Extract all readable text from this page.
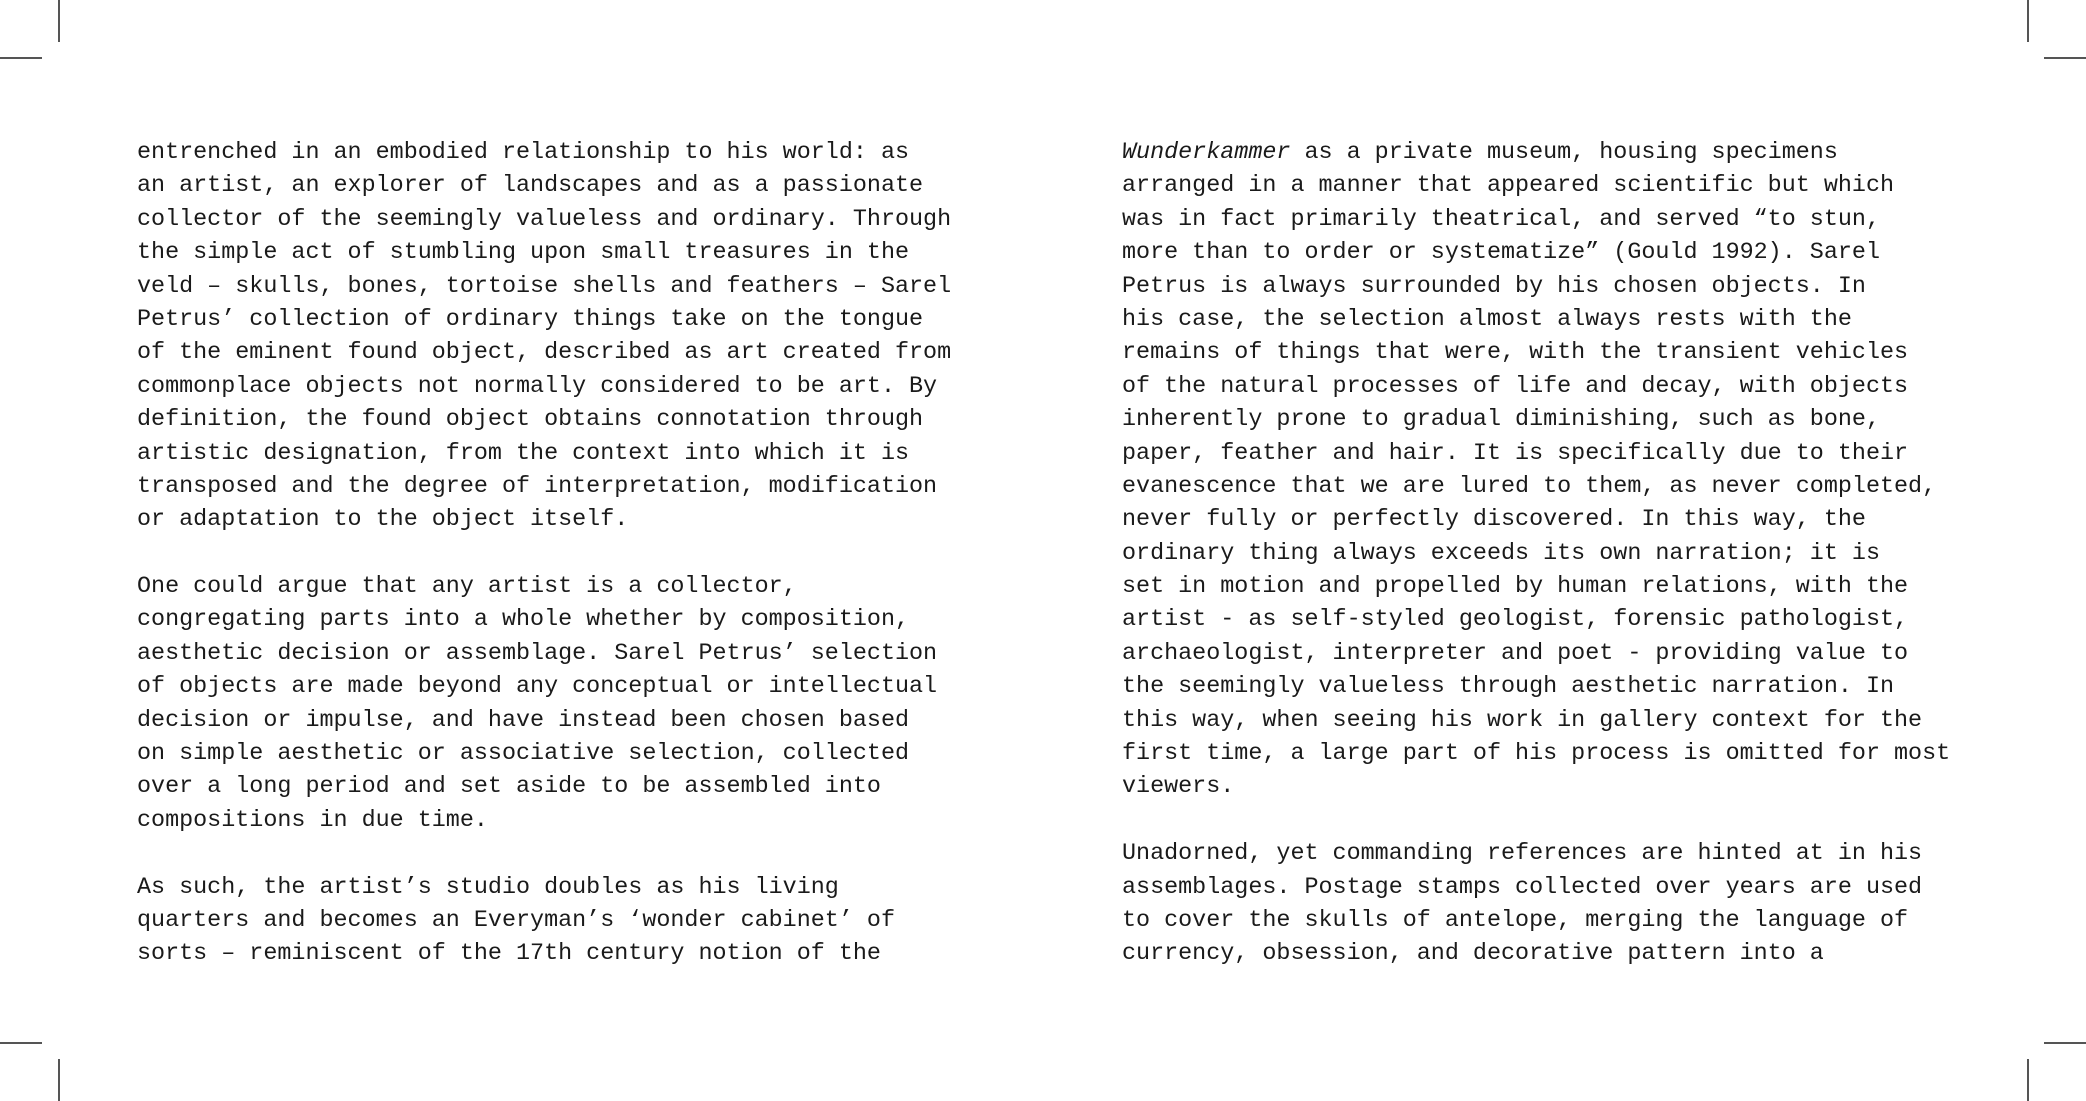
entrenched in an embodied relationship to his world: as
an artist, an explorer of landscapes and as a passionate
collector of the seemingly valueless and ordinary. Through
the simple act of stumbling upon small treasures in the
veld – skulls, bones, tortoise shells and feathers – Sarel
Petrus’ collection of ordinary things take on the tongue
of the eminent found object, described as art created from
commonplace objects not normally considered to be art. By
definition, the found object obtains connotation through
artistic designation, from the context into which it is
transposed and the degree of interpretation, modification
or adaptation to the object itself.
One could argue that any artist is a collector,
congregating parts into a whole whether by composition,
aesthetic decision or assemblage. Sarel Petrus’ selection
of objects are made beyond any conceptual or intellectual
decision or impulse, and have instead been chosen based
on simple aesthetic or associative selection, collected
over a long period and set aside to be assembled into
compositions in due time.
As such, the artist’s studio doubles as his living
quarters and becomes an Everyman’s ‘wonder cabinet’ of
sorts – reminiscent of the 17th century notion of the
Wunderkammer as a private museum, housing specimens
arranged in a manner that appeared scientific but which
was in fact primarily theatrical, and served “to stun,
more than to order or systematize” (Gould 1992). Sarel
Petrus is always surrounded by his chosen objects. In
his case, the selection almost always rests with the
remains of things that were, with the transient vehicles
of the natural processes of life and decay, with objects
inherently prone to gradual diminishing, such as bone,
paper, feather and hair. It is specifically due to their
evanescence that we are lured to them, as never completed,
never fully or perfectly discovered. In this way, the
ordinary thing always exceeds its own narration; it is
set in motion and propelled by human relations, with the
artist - as self-styled geologist, forensic pathologist,
archaeologist, interpreter and poet - providing value to
the seemingly valueless through aesthetic narration. In
this way, when seeing his work in gallery context for the
first time, a large part of his process is omitted for most
viewers.
Unadorned, yet commanding references are hinted at in his
assemblages. Postage stamps collected over years are used
to cover the skulls of antelope, merging the language of
currency, obsession, and decorative pattern into a
